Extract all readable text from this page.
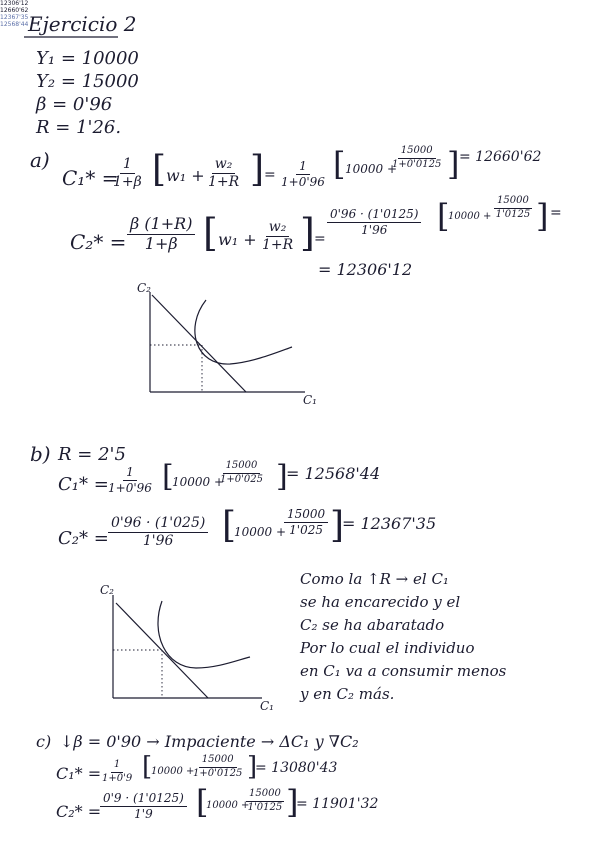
Ejercicio 2
Y₁ = 10000
Y₂ = 15000
β = 0'96
R = 1'26.
a)
C₁* =
$\frac{1}{1+\beta}$ [ $w_1 + \frac{\text{w₂}}{1+R}$ ] = $\frac{1}{1+0'96}$ [ 10000 +
$\frac{15000}{1+0'0125}$ ] = 12660'62
$C_2* = \frac{\beta (1+R)}{1+\beta}$ [ $w_1 + \frac{\text{w₂}}{1+R}$ ] =
$\frac{0'96 \cdot (1'0125)}{1'96}$ [
$10000 + \frac{15000}{1'0125}$ ] =
= 12306'12
C₂
C₁
12306'12
12660'62
b) R = 2'5
$C_1* = \frac{1}{1+0'96}$ [
10000 +
$\frac{15000}{1+0'025}$ ]
= 12568'44
$C_2* = \frac{0'96 \cdot (1'025)}{1'96}$ [
10000 +
$\frac{15000}{1'025}$ ]
= 12367'35
C₂
C₁
12367'35
12568'44
Como la ↑R → el C₁
se ha encarecido y el
C₂ se ha abaratado
Por lo cual el individuo
en C₁ va a consumir menos
y en C₂ más.
c) ↓β = 0'90 → Impaciente → ΔC₁ y ∇C₂
$C_1* = \frac{1}{1+0'9}$ [
10000 +
$\frac{15000}{1+0'0125}$ ]
= 13080'43
C₂* =
$\frac{0'9 \cdot (1'0125)}{1'9}$ [
10000 +
$\frac{15000}{1'0125}$ ]
= 11901'32
